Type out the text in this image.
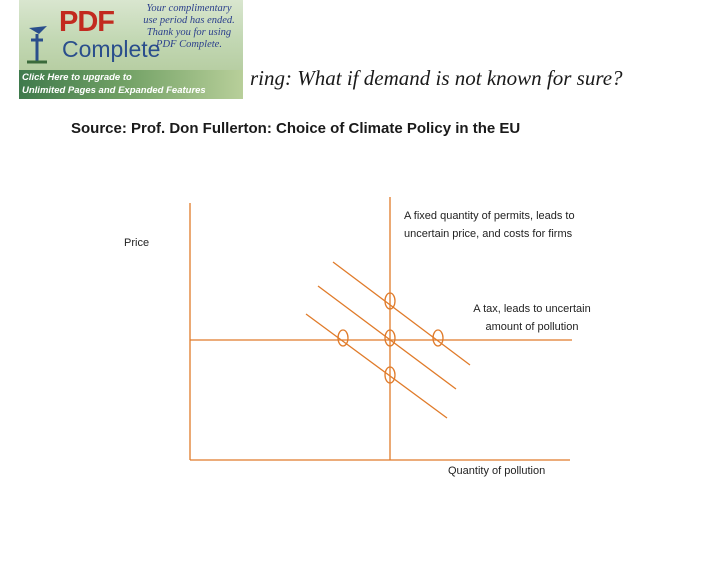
PDF
Complete
Your complimentary
use period has ended.
Thank you for using
PDF Complete.
Click Here to upgrade to
Unlimited Pages and Expanded Features
ring: What if demand is not known for sure?
Source: Prof. Don Fullerton: Choice of Climate Policy in the EU
Price
Quantity of pollution
A fixed quantity of permits, leads to
uncertain price, and costs for firms
A tax, leads to uncertain
amount of pollution
